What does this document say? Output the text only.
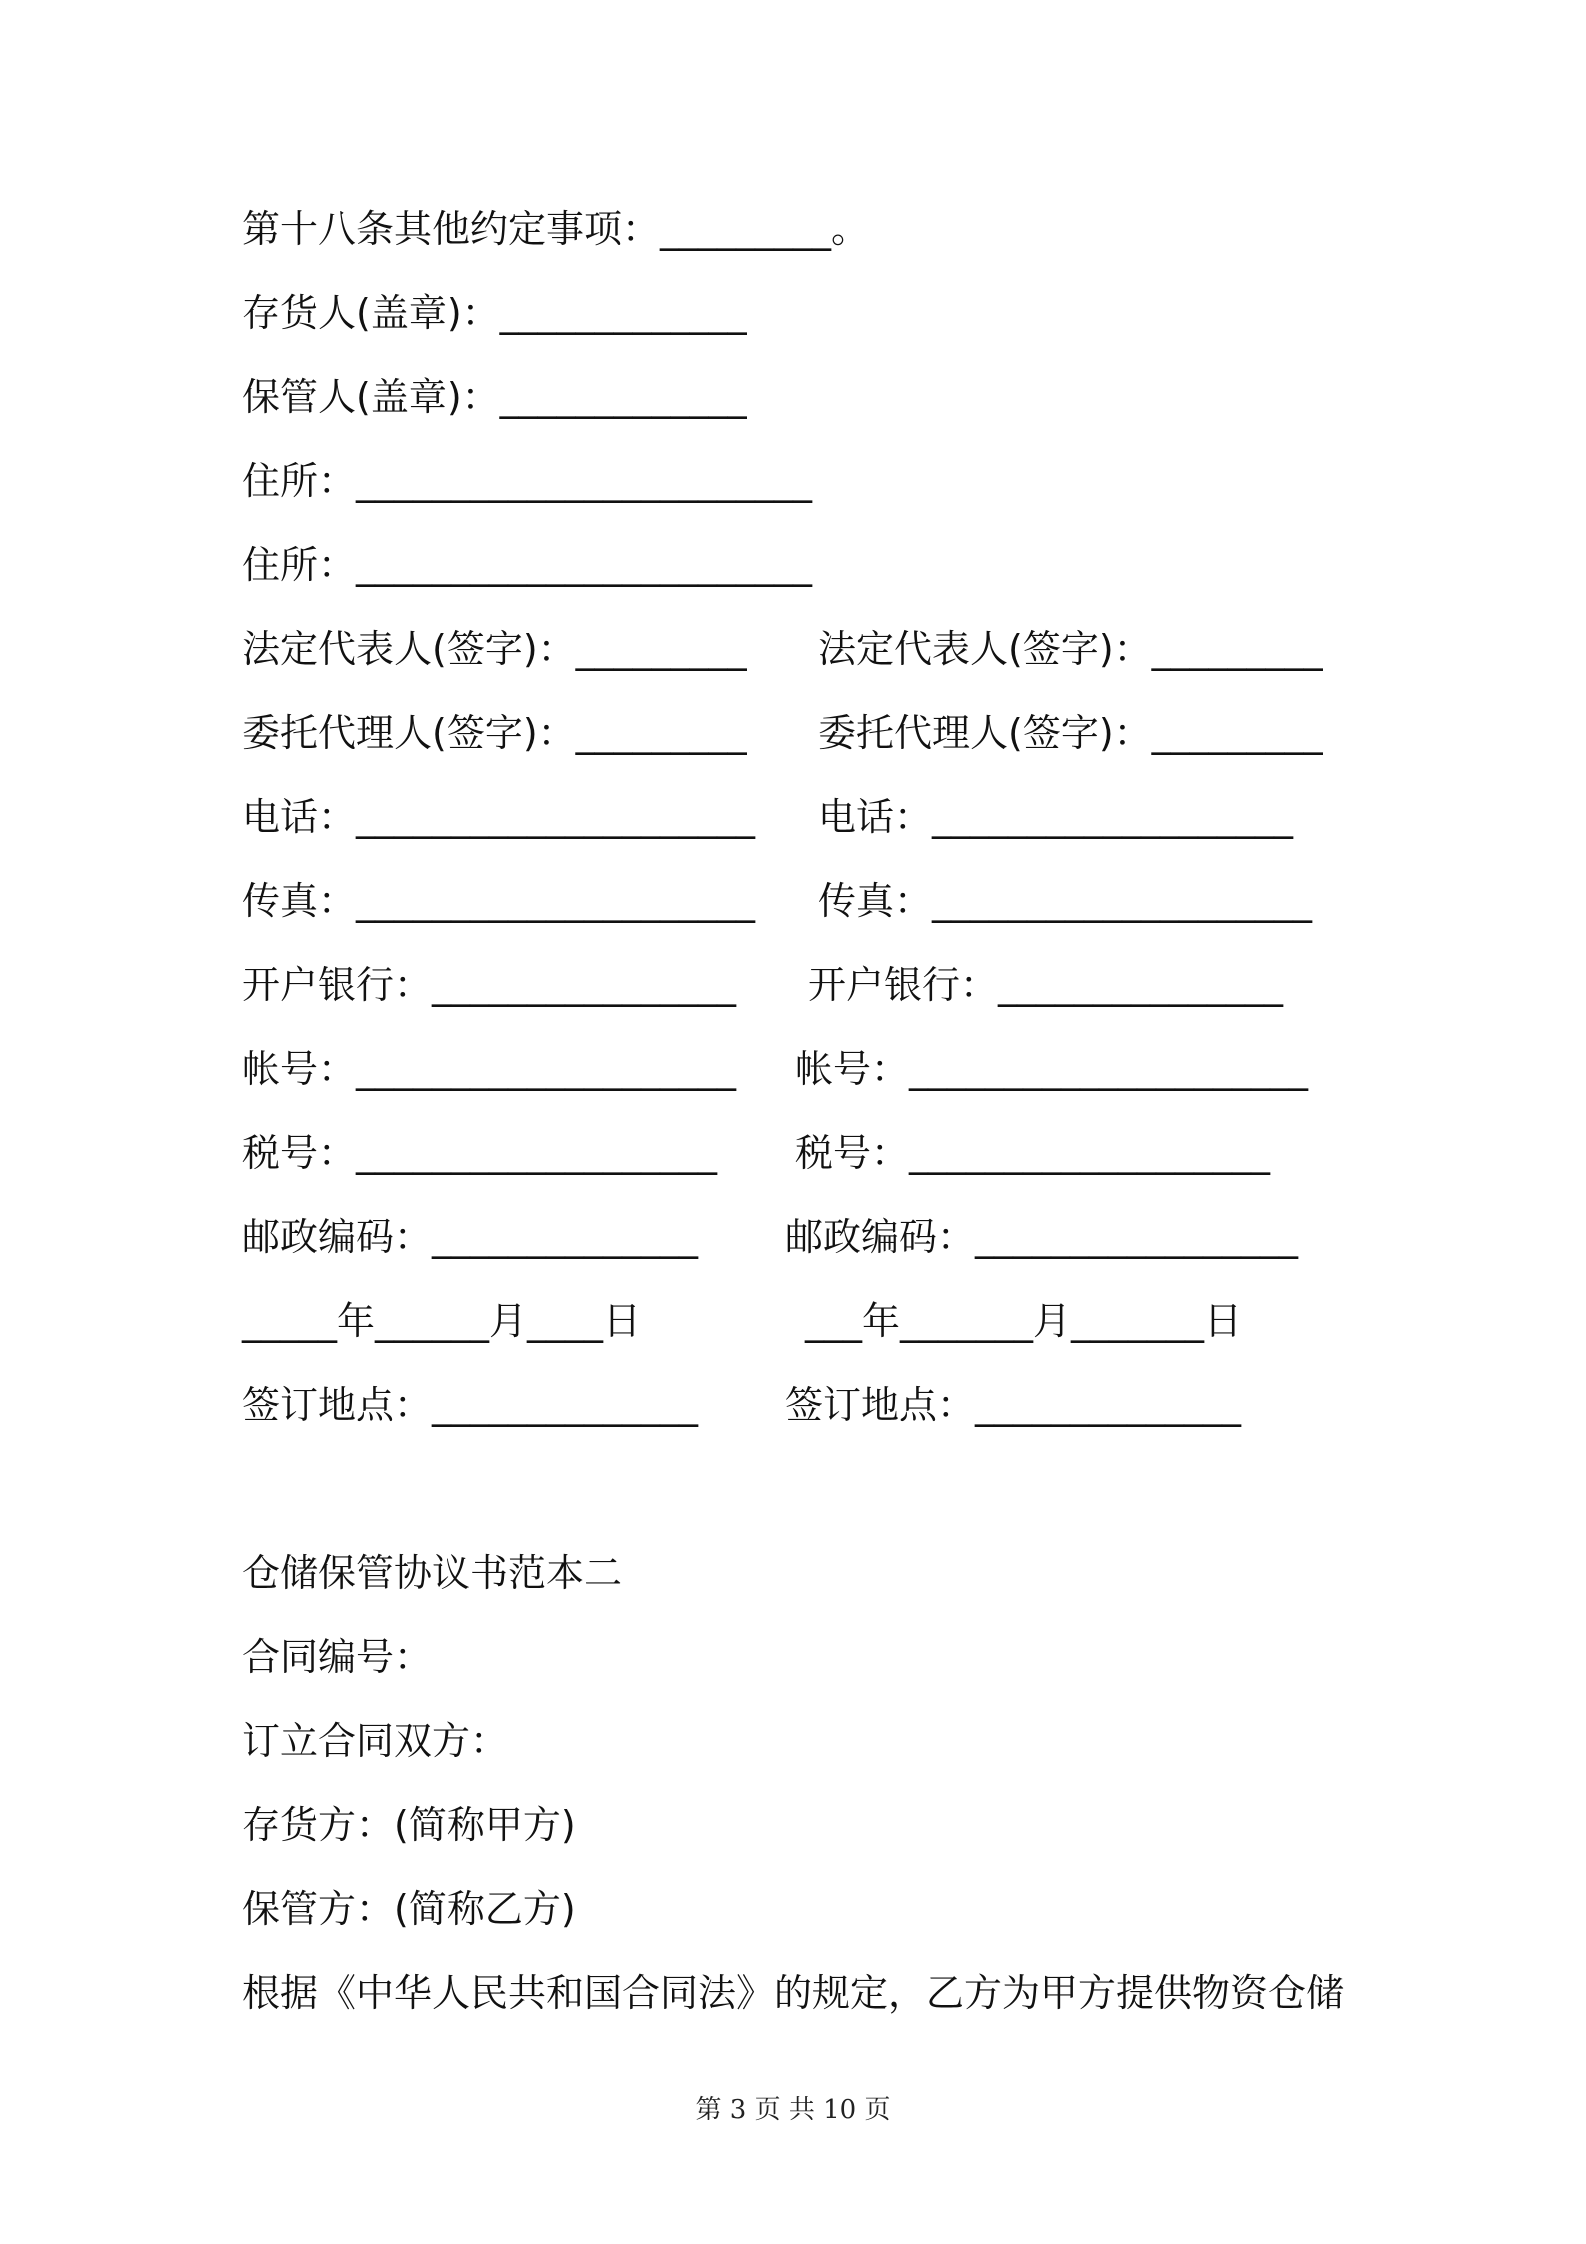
第十八条其他约定事项：_________。
存货人(盖章)：_____________
保管人(盖章)：_____________
住所：________________________
住所：________________________
法定代表人(签字)：_________ 法定代表人(签字)：_________
委托代理人(签字)：_________ 委托代理人(签字)：_________
电话：_____________________ 电话：___________________
传真：_____________________ 传真：____________________
开户银行：________________ 开户银行：_______________
帐号：____________________ 帐号：_____________________
税号：___________________ 税号：___________________
邮政编码：______________ 邮政编码：_________________
_____年______月____日	___年_______月_______日
签订地点：______________ 签订地点：______________
仓储保管协议书范本二
合同编号：
订立合同双方：
存货方：(简称甲方)
保管方：(简称乙方)
根据《中华人民共和国合同法》的规定，乙方为甲方提供物资仓储
第 3 页 共 10 页
